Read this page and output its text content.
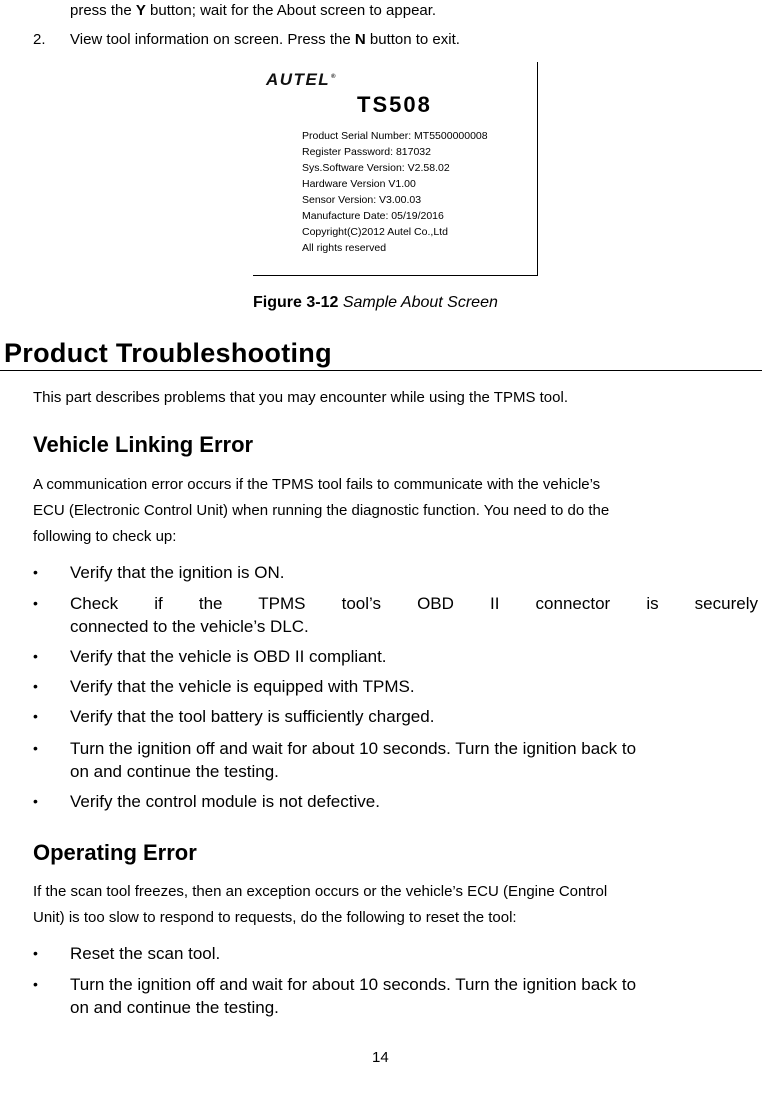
press the Y button; wait for the About screen to appear.
2. View tool information on screen. Press the N button to exit.
AUTEL®
TS508
Product Serial Number: MT5500000008
Register Password: 817032
Sys.Software Version: V2.58.02
Hardware Version V1.00
Sensor Version: V3.00.03
Manufacture Date: 05/19/2016
Copyright(C)2012 Autel Co.,Ltd
All rights reserved
Figure 3-12 Sample About Screen
Product Troubleshooting
This part describes problems that you may encounter while using the TPMS tool.
Vehicle Linking Error
A communication error occurs if the TPMS tool fails to communicate with the vehicle’s
ECU (Electronic Control Unit) when running the diagnostic function. You need to do the
following to check up:
• Verify that the ignition is ON.
• Check if the TPMS tool’s OBD II connector is securely
connected to the vehicle’s DLC.
• Verify that the vehicle is OBD II compliant.
• Verify that the vehicle is equipped with TPMS.
• Verify that the tool battery is sufficiently charged.
• Turn the ignition off and wait for about 10 seconds. Turn the ignition back to
on and continue the testing.
• Verify the control module is not defective.
Operating Error
If the scan tool freezes, then an exception occurs or the vehicle’s ECU (Engine Control
Unit) is too slow to respond to requests, do the following to reset the tool:
• Reset the scan tool.
• Turn the ignition off and wait for about 10 seconds. Turn the ignition back to
on and continue the testing.
14
